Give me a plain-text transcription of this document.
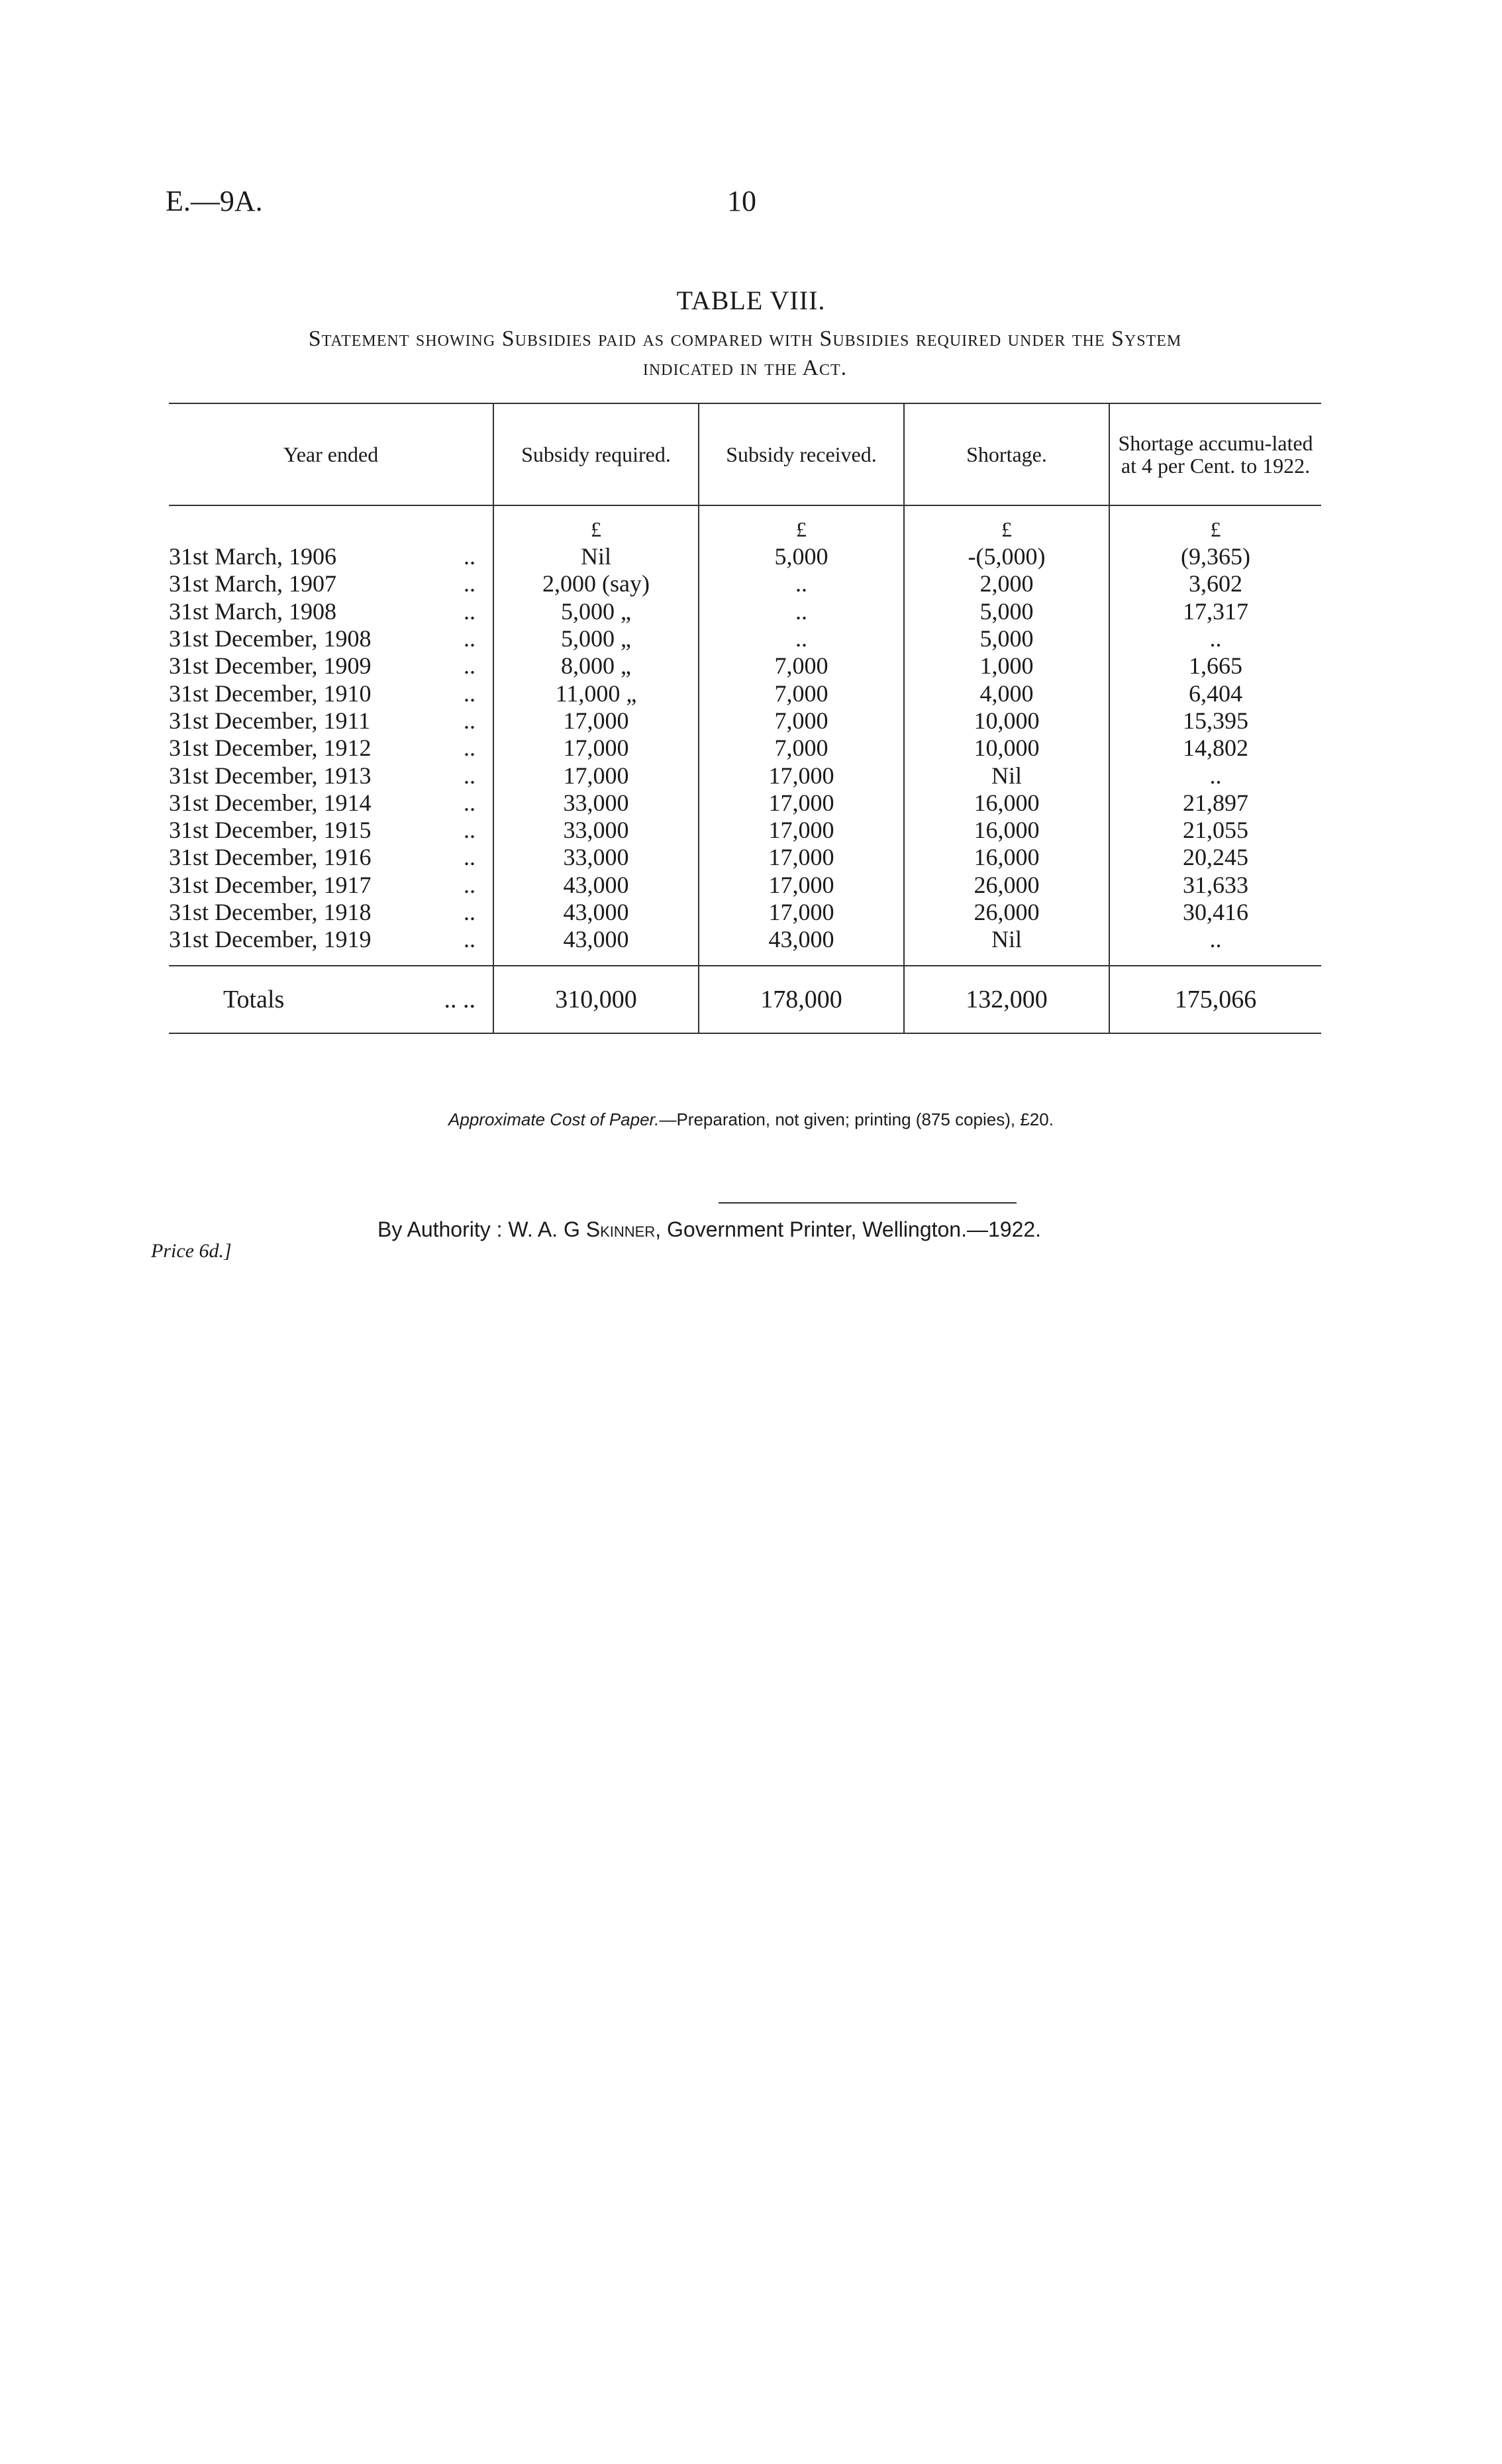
E.—9A.	10
TABLE VIII.
Statement showing Subsidies paid as compared with Subsidies required under the System
indicated in the Act.
Year ended		Subsidy required.	Subsidy received.	Shortage.	Shortage accumu-lated at 4 per Cent. to 1922.
		£	£	£	£
31st March, 1906	..	Nil	5,000	-(5,000)	(9,365)
31st March, 1907	..	2,000 (say)	..	2,000	3,602
31st March, 1908	..	5,000 „	..	5,000	17,317
31st December, 1908	..	5,000 „	..	5,000	..
31st December, 1909	..	8,000 „	7,000	1,000	1,665
31st December, 1910	..	11,000 „	7,000	4,000	6,404
31st December, 1911	..	17,000	7,000	10,000	15,395
31st December, 1912	..	17,000	7,000	10,000	14,802
31st December, 1913	..	17,000	17,000	Nil	..
31st December, 1914	..	33,000	17,000	16,000	21,897
31st December, 1915	..	33,000	17,000	16,000	21,055
31st December, 1916	..	33,000	17,000	16,000	20,245
31st December, 1917	..	43,000	17,000	26,000	31,633
31st December, 1918	..	43,000	17,000	26,000	30,416
31st December, 1919	..	43,000	43,000	Nil	..

Totals	.. ..	310,000	178,000	132,000	175,066
Approximate Cost of Paper.—Preparation, not given; printing (875 copies), £20.
Price 6d.]
By Authority : W. A. G Skinner, Government Printer, Wellington.—1922.
